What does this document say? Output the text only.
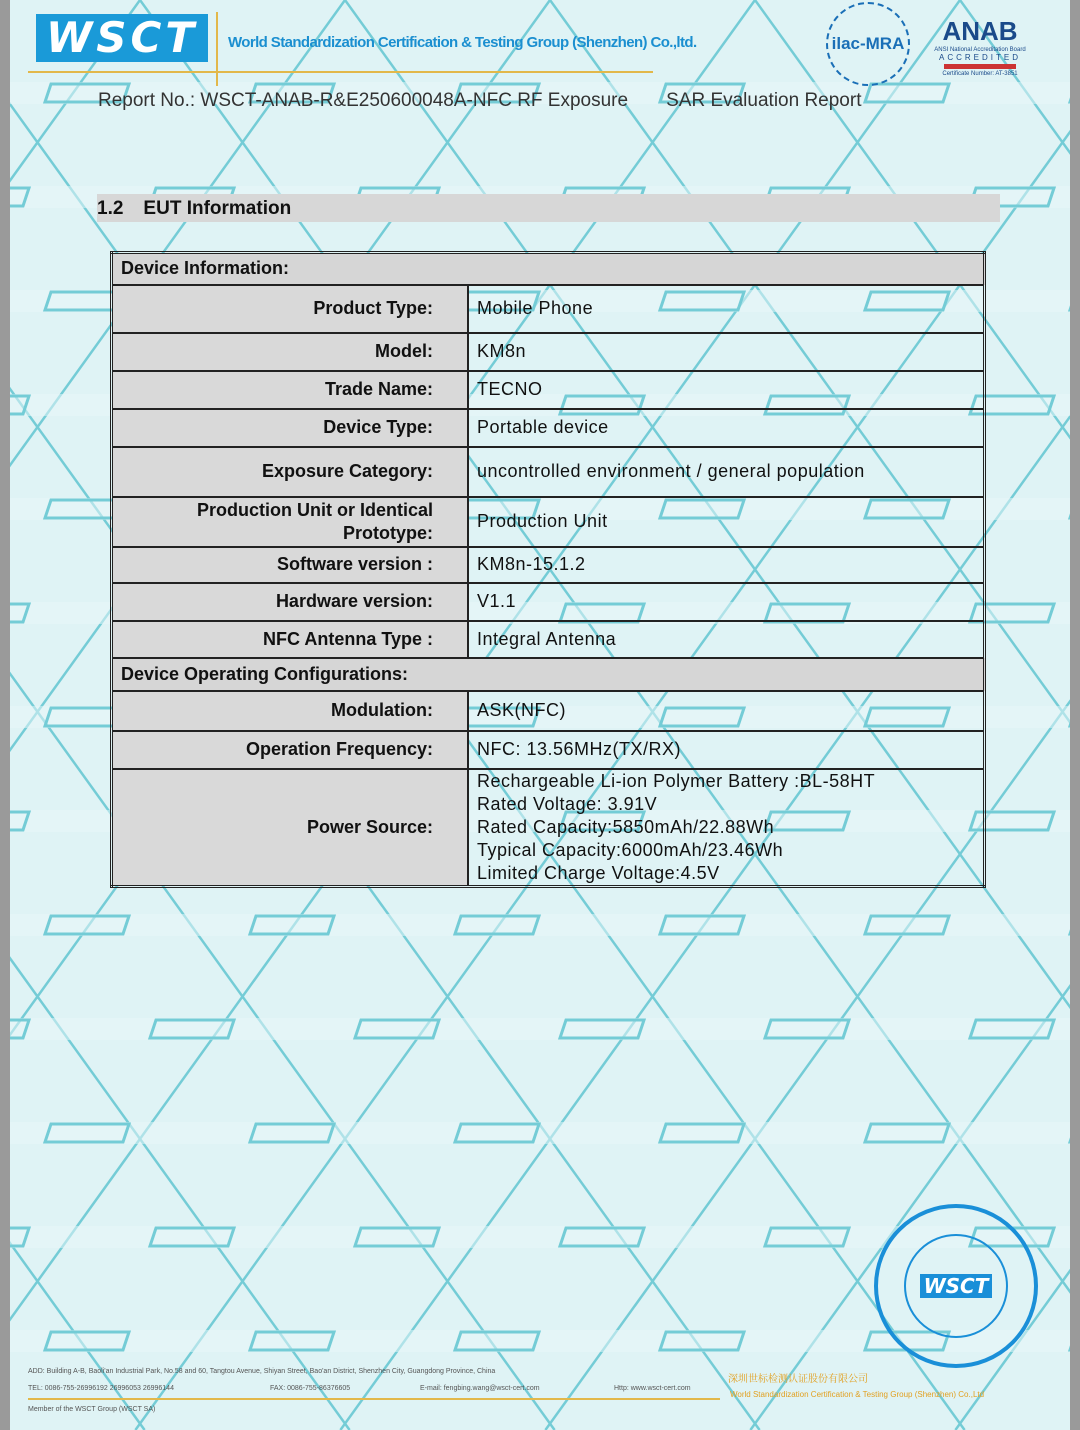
WSCT	World Standardization Certification & Testing Group (Shenzhen) Co.,ltd.
Report No.: WSCT-ANAB-R&E250600048A-NFC RF Exposure SAR Evaluation Report
ilac-MRA	ANAB
ANSI National Accreditation Board
ACCREDITED
Certificate Number: AT-3851
1.2 EUT Information
Device Information:	
Product Type:	Mobile Phone
Model:	KM8n
Trade Name:	TECNO
Device Type:	Portable device
Exposure Category:	uncontrolled environment / general population
Production Unit or Identical Prototype:	Production Unit
Software version :	KM8n-15.1.2
Hardware version:	V1.1
NFC Antenna Type :	Integral Antenna
Device Operating Configurations:	
Modulation:	ASK(NFC)
Operation Frequency:	NFC: 13.56MHz(TX/RX)
Power Source:	Rechargeable Li-ion Polymer Battery :BL-58HT
Rated Voltage: 3.91V
Rated Capacity:5850mAh/22.88Wh
Typical Capacity:6000mAh/23.46Wh
Limited Charge Voltage:4.5V
ADD: Building A-B, Baoli'an Industrial Park, No.58 and 60, Tangtou Avenue, Shiyan Street, Bao'an District, Shenzhen City, Guangdong Province, China
TEL: 0086-755-26996192 26996053 26996144	FAX: 0086-755-86376605	E-mail: fengbing.wang@wsct-cert.com	Http: www.wsct-cert.com
Member of the WSCT Group (WSCT SA)
深圳世标检测认证股份有限公司
World Standardization Certification & Testing Group (Shenzhen) Co.,Ltd
WSCT
